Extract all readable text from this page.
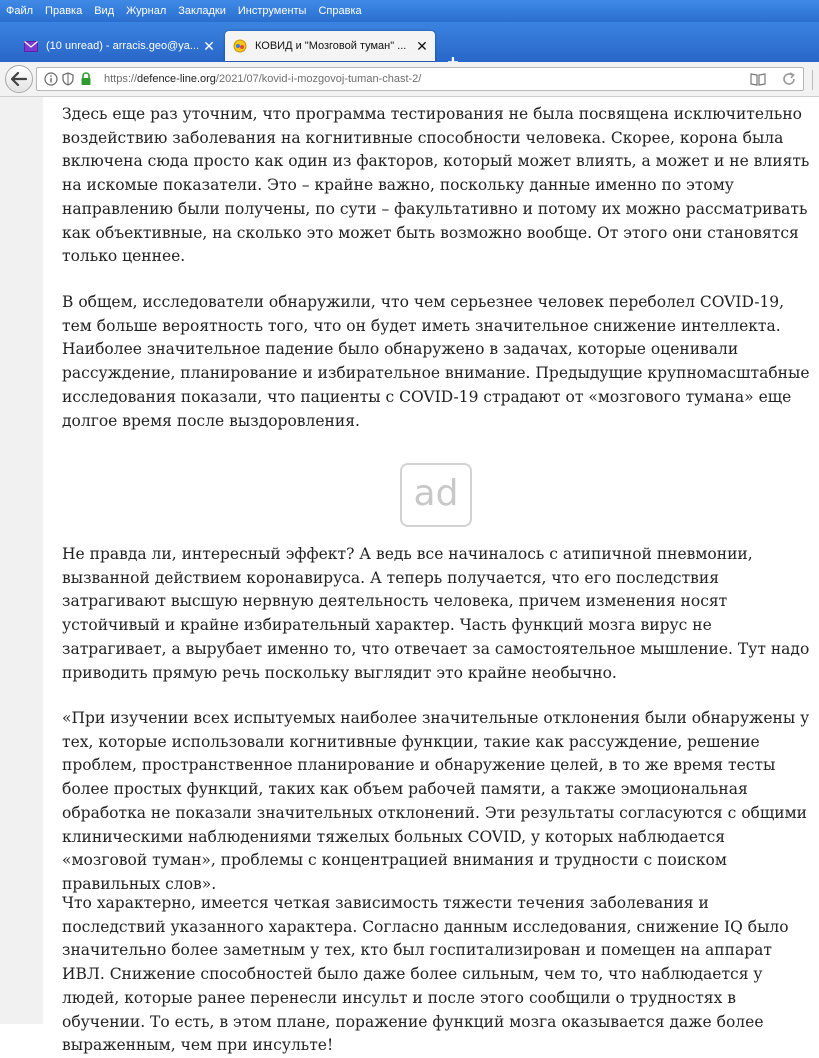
Файл Правка Вид Журнал Закладки Инструменты Справка
(10 unread) - arracis.geo@ya... ✕	КОВИД и "Мозговой туман" ... ✕
https://defence-line.org/2021/07/kovid-i-mozgovoj-tuman-chast-2/

Здесь еще раз уточним, что программа тестирования не была посвящена исключительно воздействию заболевания на когнитивные способности человека. Скорее, корона была включена сюда просто как один из факторов, который может влиять, а может и не влиять на искомые показатели. Это – крайне важно, поскольку данные именно по этому направлению были получены, по сути – факультативно и потому их можно рассматривать как объективные, на сколько это может быть возможно вообще. От этого они становятся только ценнее.

В общем, исследователи обнаружили, что чем серьезнее человек переболел COVID-19, тем больше вероятность того, что он будет иметь значительное снижение интеллекта. Наиболее значительное падение было обнаружено в задачах, которые оценивали рассуждение, планирование и избирательное внимание. Предыдущие крупномасштабные исследования показали, что пациенты с COVID-19 страдают от «мозгового тумана» еще долгое время после выздоровления.

ad

Не правда ли, интересный эффект? А ведь все начиналось с атипичной пневмонии, вызванной действием коронавируса. А теперь получается, что его последствия затрагивают высшую нервную деятельность человека, причем изменения носят устойчивый и крайне избирательный характер. Часть функций мозга вирус не затрагивает, а вырубает именно то, что отвечает за самостоятельное мышление. Тут надо приводить прямую речь поскольку выглядит это крайне необычно.

«При изучении всех испытуемых наиболее значительные отклонения были обнаружены у тех, которые использовали когнитивные функции, такие как рассуждение, решение проблем, пространственное планирование и обнаружение целей, в то же время тесты более простых функций, таких как объем рабочей памяти, а также эмоциональная обработка не показали значительных отклонений. Эти результаты согласуются с общими клиническими наблюдениями тяжелых больных COVID, у которых наблюдается «мозговой туман», проблемы с концентрацией внимания и трудности с поиском правильных слов».

Что характерно, имеется четкая зависимость тяжести течения заболевания и последствий указанного характера. Согласно данным исследования, снижение IQ было значительно более заметным у тех, кто был госпитализирован и помещен на аппарат ИВЛ. Снижение способностей было даже более сильным, чем то, что наблюдается у людей, которые ранее перенесли инсульт и после этого сообщили о трудностях в обучении. То есть, в этом плане, поражение функций мозга оказывается даже более выраженным, чем при инсульте!
